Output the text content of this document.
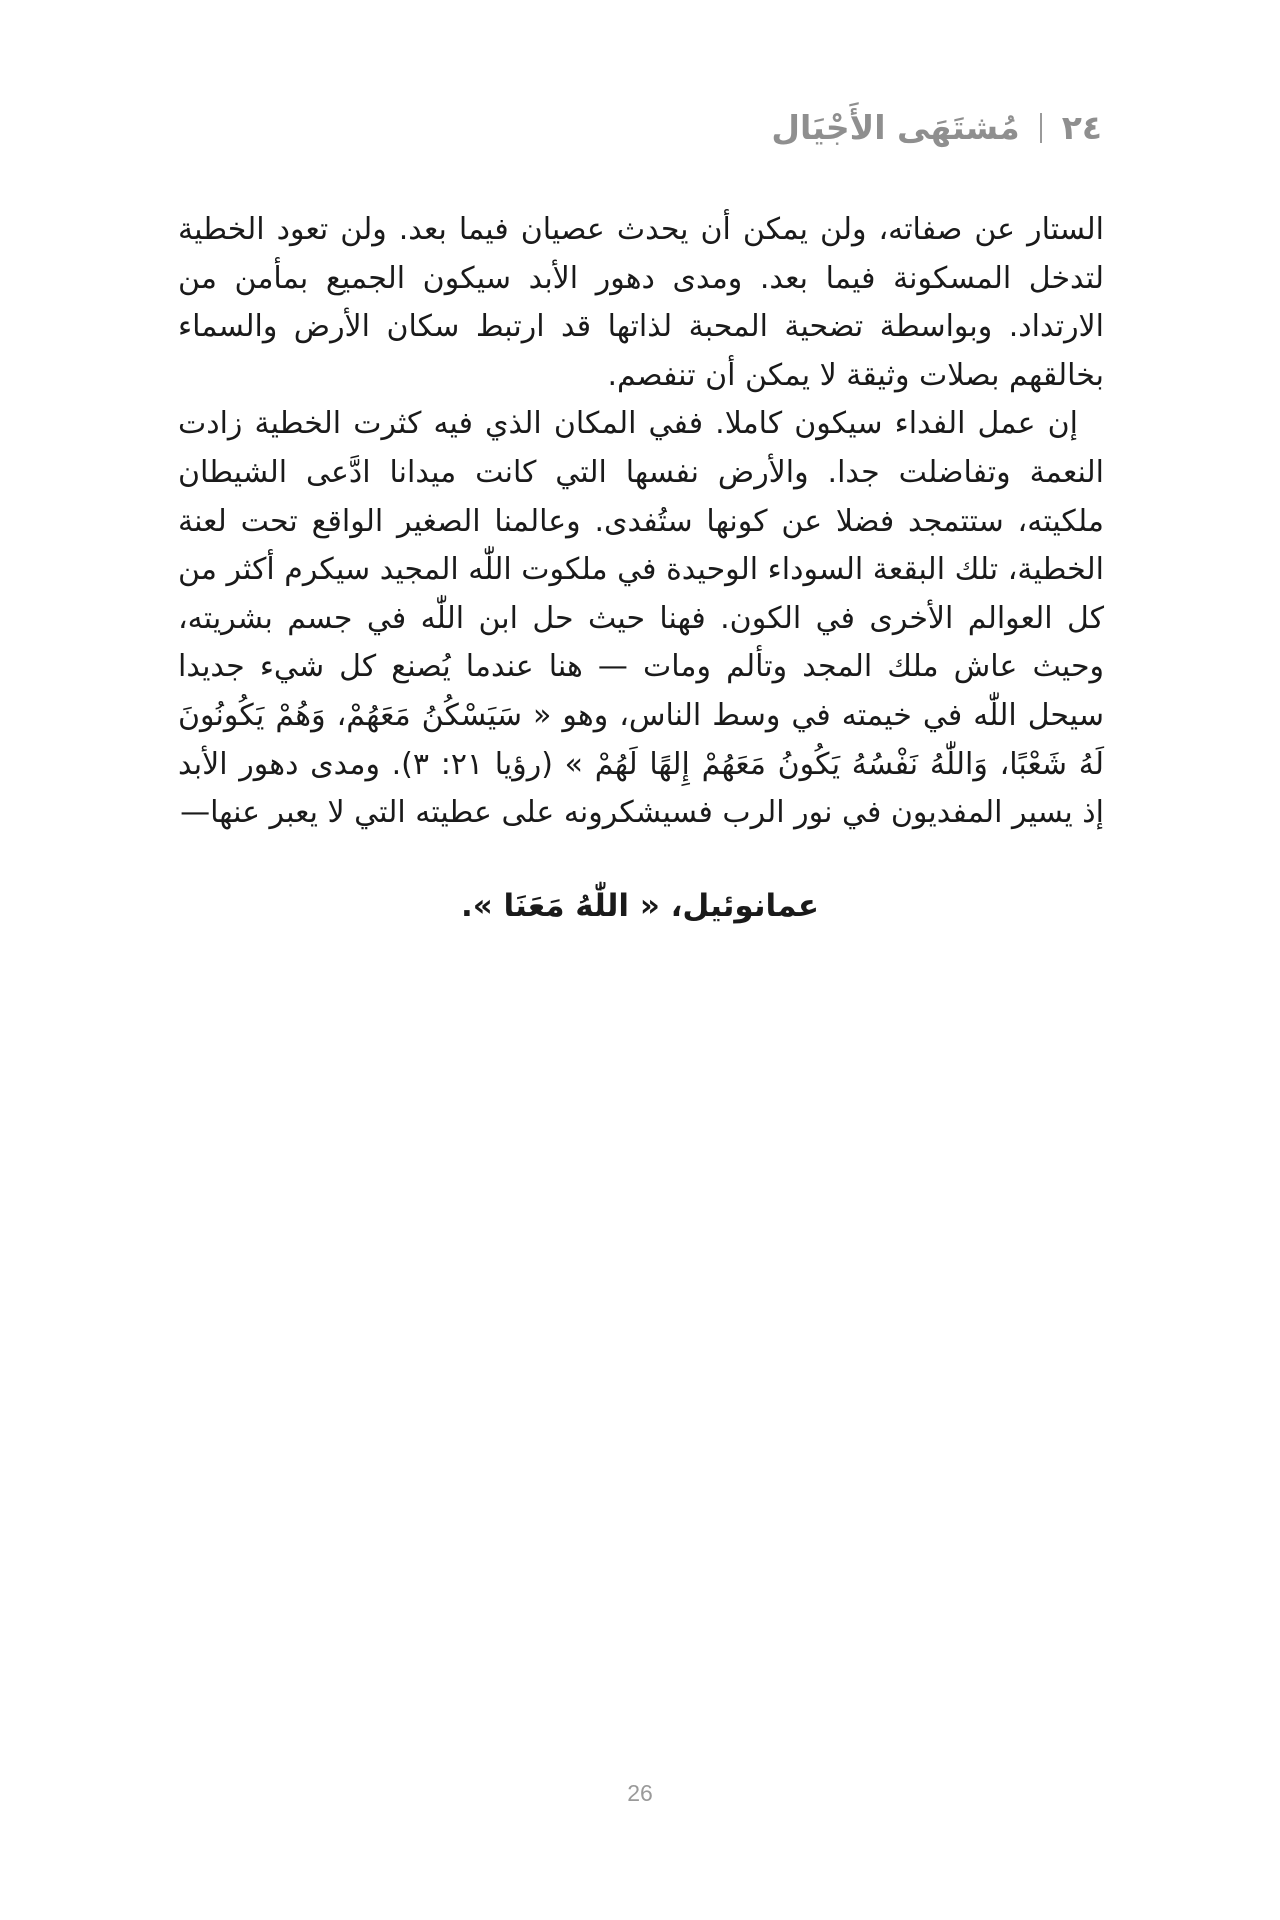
٢٤
مُشتَهَى الأَجْيَال

الستار عن صفاته، ولن يمكن أن يحدث عصيان فيما بعد. ولن تعود الخطية لتدخل المسكونة فيما بعد. ومدى دهور الأبد سيكون الجميع بمأمن من الارتداد. وبواسطة تضحية المحبة لذاتها قد ارتبط سكان الأرض والسماء بخالقهم بصلات وثيقة لا يمكن أن تنفصم.

إن عمل الفداء سيكون كاملا. ففي المكان الذي فيه كثرت الخطية زادت النعمة وتفاضلت جدا. والأرض نفسها التي كانت ميدانا ادَّعى الشيطان ملكيته، ستتمجد فضلا عن كونها ستُفدى. وعالمنا الصغير الواقع تحت لعنة الخطية، تلك البقعة السوداء الوحيدة في ملكوت اللّٰه المجيد سيكرم أكثر من كل العوالم الأخرى في الكون. فهنا حيث حل ابن اللّٰه في جسم بشريته، وحيث عاش ملك المجد وتألم ومات — هنا عندما يُصنع كل شيء جديدا سيحل اللّٰه في خيمته في وسط الناس، وهو « سَيَسْكُنُ مَعَهُمْ، وَهُمْ يَكُونُونَ لَهُ شَعْبًا، وَاللّٰهُ نَفْسُهُ يَكُونُ مَعَهُمْ إِلهًا لَهُمْ » (رؤيا ٢١: ٣). ومدى دهور الأبد إذ يسير المفديون في نور الرب فسيشكرونه على عطيته التي لا يعبر عنها—

عمانوئيل، « اللّٰهُ مَعَنَا ».
26
